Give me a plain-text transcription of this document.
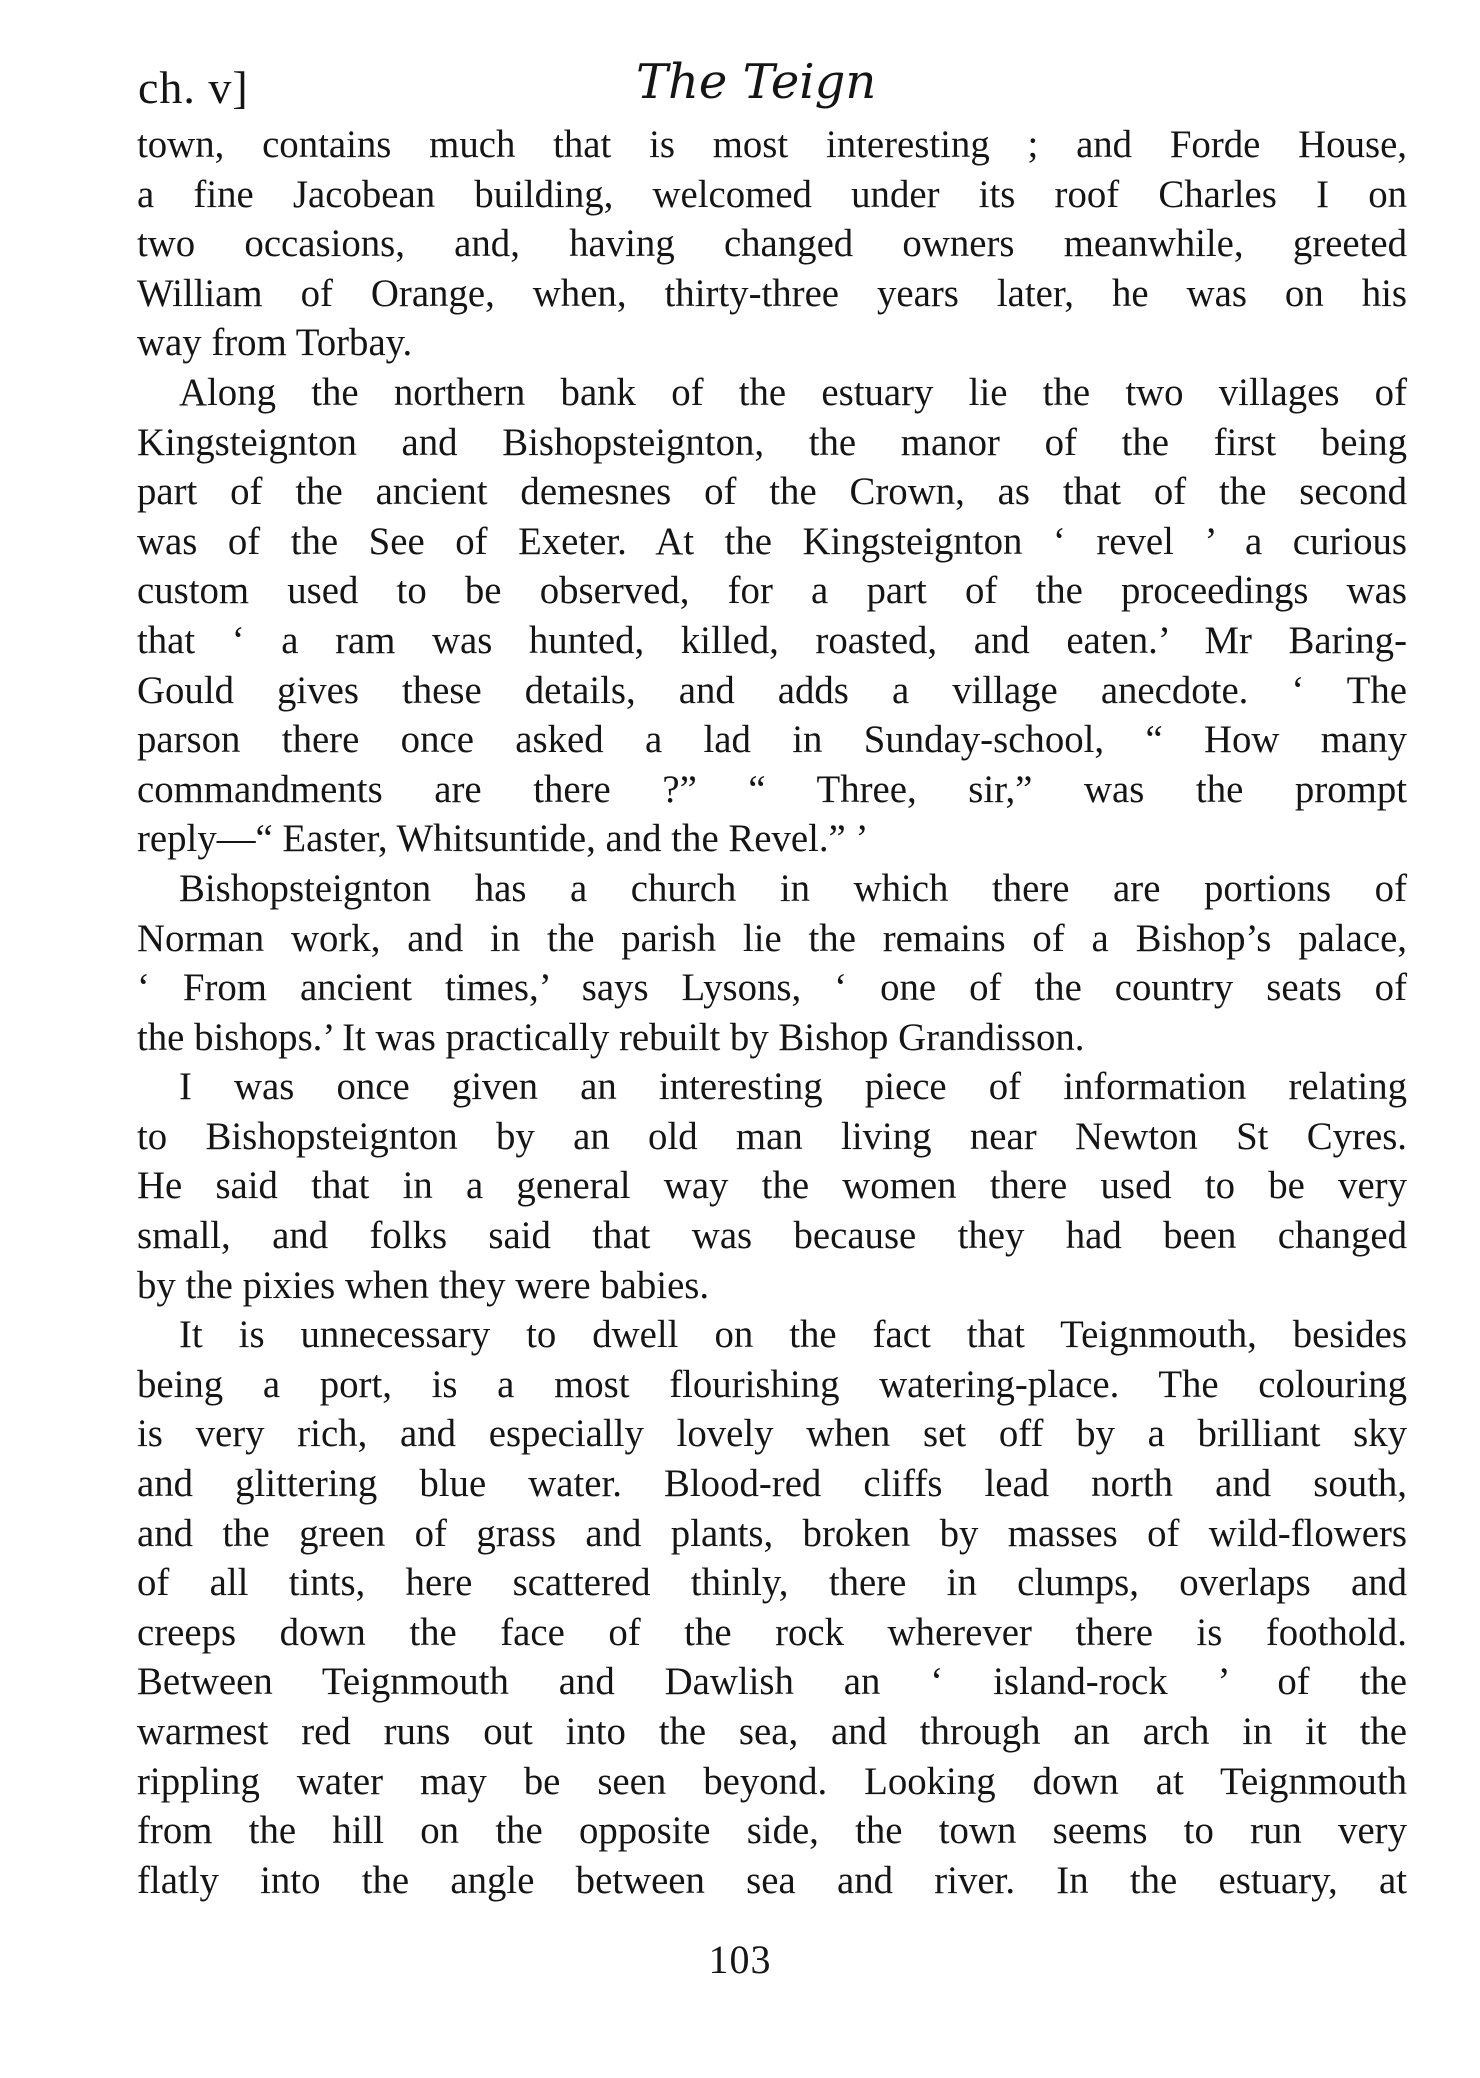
ch. v]	The Teign

town, contains much that is most interesting ; and Forde House,
a fine Jacobean building, welcomed under its roof Charles I on
two occasions, and, having changed owners meanwhile, greeted
William of Orange, when, thirty-three years later, he was on his
way from Torbay.

Along the northern bank of the estuary lie the two villages of
Kingsteignton and Bishopsteignton, the manor of the first being
part of the ancient demesnes of the Crown, as that of the second
was of the See of Exeter. At the Kingsteignton ‘ revel ’ a curious
custom used to be observed, for a part of the proceedings was
that ‘ a ram was hunted, killed, roasted, and eaten.’ Mr Baring-
Gould gives these details, and adds a village anecdote. ‘ The
parson there once asked a lad in Sunday-school, “ How many
commandments are there ?” “ Three, sir,” was the prompt
reply—“ Easter, Whitsuntide, and the Revel.” ’

Bishopsteignton has a church in which there are portions of
Norman work, and in the parish lie the remains of a Bishop’s palace,
‘ From ancient times,’ says Lysons, ‘ one of the country seats of
the bishops.’ It was practically rebuilt by Bishop Grandisson.

I was once given an interesting piece of information relating
to Bishopsteignton by an old man living near Newton St Cyres.
He said that in a general way the women there used to be very
small, and folks said that was because they had been changed
by the pixies when they were babies.

It is unnecessary to dwell on the fact that Teignmouth, besides
being a port, is a most flourishing watering-place. The colouring
is very rich, and especially lovely when set off by a brilliant sky
and glittering blue water. Blood-red cliffs lead north and south,
and the green of grass and plants, broken by masses of wild-flowers
of all tints, here scattered thinly, there in clumps, overlaps and
creeps down the face of the rock wherever there is foothold.
Between Teignmouth and Dawlish an ‘ island-rock ’ of the
warmest red runs out into the sea, and through an arch in it the
rippling water may be seen beyond. Looking down at Teignmouth
from the hill on the opposite side, the town seems to run very
flatly into the angle between sea and river. In the estuary, at

103
